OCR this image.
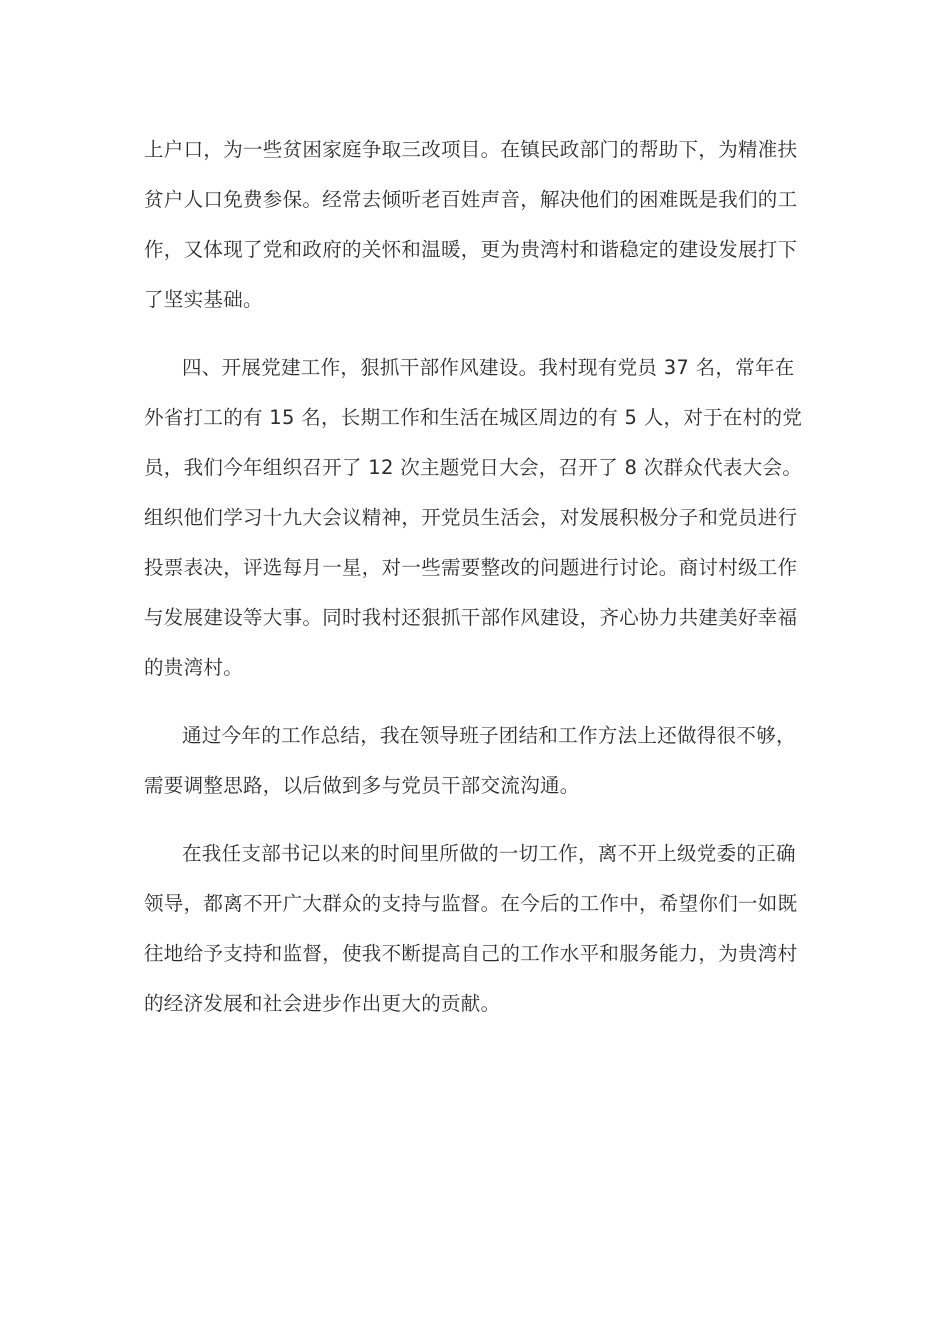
上户口，为一些贫困家庭争取三改项目。在镇民政部门的帮助下，为精准扶贫户人口免费参保。经常去倾听老百姓声音，解决他们的困难既是我们的工作，又体现了党和政府的关怀和温暖，更为贵湾村和谐稳定的建设发展打下了坚实基础。

四、开展党建工作，狠抓干部作风建设。我村现有党员 37 名，常年在外省打工的有 15 名，长期工作和生活在城区周边的有 5 人，对于在村的党员，我们今年组织召开了 12 次主题党日大会，召开了 8 次群众代表大会。组织他们学习十九大会议精神，开党员生活会，对发展积极分子和党员进行投票表决，评选每月一星，对一些需要整改的问题进行讨论。商讨村级工作与发展建设等大事。同时我村还狠抓干部作风建设，齐心协力共建美好幸福的贵湾村。

通过今年的工作总结，我在领导班子团结和工作方法上还做得很不够，需要调整思路，以后做到多与党员干部交流沟通。

在我任支部书记以来的时间里所做的一切工作，离不开上级党委的正确领导，都离不开广大群众的支持与监督。在今后的工作中，希望你们一如既往地给予支持和监督，使我不断提高自己的工作水平和服务能力，为贵湾村的经济发展和社会进步作出更大的贡献。
